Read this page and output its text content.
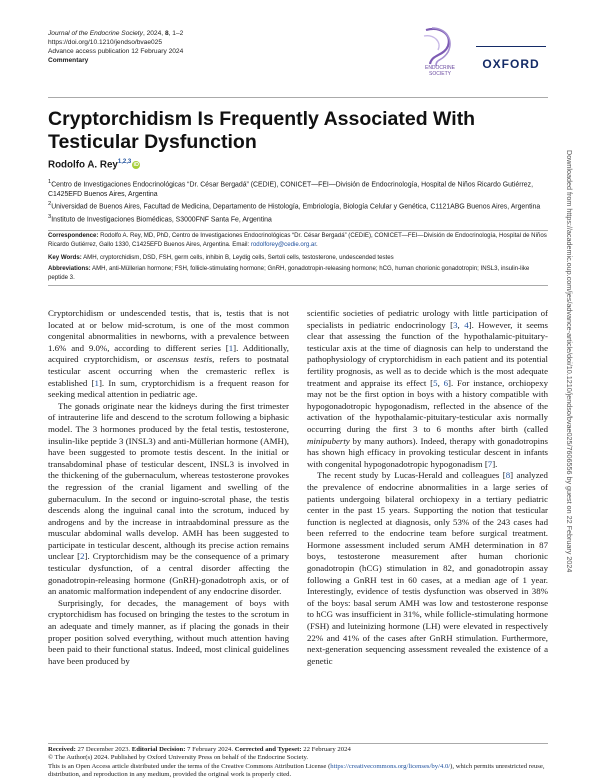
Journal of the Endocrine Society, 2024, 8, 1–2
https://doi.org/10.1210/jendso/bvae025
Advance access publication 12 February 2024
Commentary
ENDOCRINE SOCIETY
OXFORD
Cryptorchidism Is Frequently Associated With Testicular Dysfunction
Rodolfo A. Rey$^{1,2,3}$iD

$^1$Centro de Investigaciones Endocrinológicas “Dr. César Bergadá” (CEDIE), CONICET—FEI—División de Endocrinología, Hospital de Niños Ricardo Gutiérrez, C1425EFD Buenos Aires, Argentina

$^2$Universidad de Buenos Aires, Facultad de Medicina, Departamento de Histología, Embriología, Biología Celular y Genética, C1121ABG Buenos Aires, Argentina

$^3$Instituto de Investigaciones Biomédicas, S3000FNF Santa Fe, Argentina

Correspondence: Rodolfo A. Rey, MD, PhD, Centro de Investigaciones Endocrinológicas “Dr. César Bergadá” (CEDIE), CONICET—FEI—División de Endocrinología, Hospital de Niños Ricardo Gutiérrez, Gallo 1330, C1425EFD Buenos Aires, Argentina. Email: rodolforey@cedie.org.ar.
Key Words: AMH, cryptorchidism, DSD, FSH, germ cells, inhibin B, Leydig cells, Sertoli cells, testosterone, undescended testes
Abbreviations: AMH, anti-Müllerian hormone; FSH, follicle-stimulating hormone; GnRH, gonadotropin-releasing hormone; hCG, human chorionic gonadotropin; INSL3, insulin-like peptide 3.

Cryptorchidism or undescended testis, that is, testis that is not located at or below mid-scrotum, is one of the most common congenital abnormalities in newborns, with a prevalence between 1.6% and 9.0%, according to different series [1]. Additionally, acquired cryptorchidism, or ascensus testis, refers to postnatal testicular ascent occurring when the cremasteric reflex is established [1]. In sum, cryptorchidism is a frequent reason for seeking medical attention in pediatric age.

The gonads originate near the kidneys during the first trimester of intrauterine life and descend to the scrotum following a biphasic model. The 3 hormones produced by the fetal testis, testosterone, insulin-like peptide 3 (INSL3) and anti-Müllerian hormone (AMH), have been suggested to promote testis descent. In the initial or transabdominal phase of testicular descent, INSL3 is involved in the thickening of the gubernaculum, whereas testosterone provokes the regression of the cranial ligament and swelling of the gubernaculum. In the second or inguino-scrotal phase, the testis descends along the inguinal canal into the scrotum, induced by androgens and by the increase in intraabdominal pressure as the muscular abdominal walls develop. AMH has been suggested to participate in testicular descent, although its precise action remains unclear [2]. Cryptorchidism may be the consequence of a primary testicular dysfunction, of a central disorder affecting the gonadotropin-releasing hormone (GnRH)-gonadotroph axis, or of an anatomic malformation independent of any endocrine disorder.

Surprisingly, for decades, the management of boys with cryptorchidism has focused on bringing the testes to the scrotum in an adequate and timely manner, as if placing the gonads in their proper position solved everything, without much attention having been paid to their functional status. Indeed, most clinical guidelines have been produced by

scientific societies of pediatric urology with little participation of specialists in pediatric endocrinology [3, 4]. However, it seems clear that assessing the function of the hypothalamic-pituitary-testicular axis at the time of diagnosis can help to understand the pathophysiology of cryptorchidism in each patient and its potential fertility prognosis, as well as to decide which is the most adequate treatment and appraise its effect [5, 6]. For instance, orchiopexy may not be the first option in boys with a history compatible with hypogonadotropic hypogonadism, reflected in the absence of the activation of the hypothalamic-pituitary-testicular axis normally occurring during the first 3 to 6 months after birth (called minipuberty by many authors). Indeed, therapy with gonadotropins has shown high efficacy in provoking testicular descent in infants with congenital hypogonadotropic hypogonadism [7].

The recent study by Lucas-Herald and colleagues [8] analyzed the prevalence of endocrine abnormalities in a large series of patients undergoing bilateral orchiopexy in a tertiary pediatric center in the past 15 years. Supporting the notion that testicular function is neglected at diagnosis, only 53% of the 243 cases had been referred to the endocrine team before surgical treatment. Hormone assessment included serum AMH determination in 87 boys, testosterone measurement after human chorionic gonadotropin (hCG) stimulation in 82, and gonadotropin assay following a GnRH test in 60 cases, at a median age of 1 year. Interestingly, evidence of testis dysfunction was observed in 38% of the boys: basal serum AMH was low and testosterone response to hCG was insufficient in 31%, while follicle-stimulating hormone (FSH) and luteinizing hormone (LH) were elevated in respectively 22% and 41% of the cases after GnRH stimulation. Furthermore, next-generation sequencing assessment revealed the existence of a genetic

Received: 27 December 2023. Editorial Decision: 7 February 2024. Corrected and Typeset: 22 February 2024
© The Author(s) 2024. Published by Oxford University Press on behalf of the Endocrine Society.
This is an Open Access article distributed under the terms of the Creative Commons Attribution License (https://creativecommons.org/licenses/by/4.0/), which permits unrestricted reuse, distribution, and reproduction in any medium, provided the original work is properly cited.
Downloaded from https://academic.oup.com/jes/advance-article/doi/10.1210/jendso/bvae025/7606556 by guest on 22 February 2024
